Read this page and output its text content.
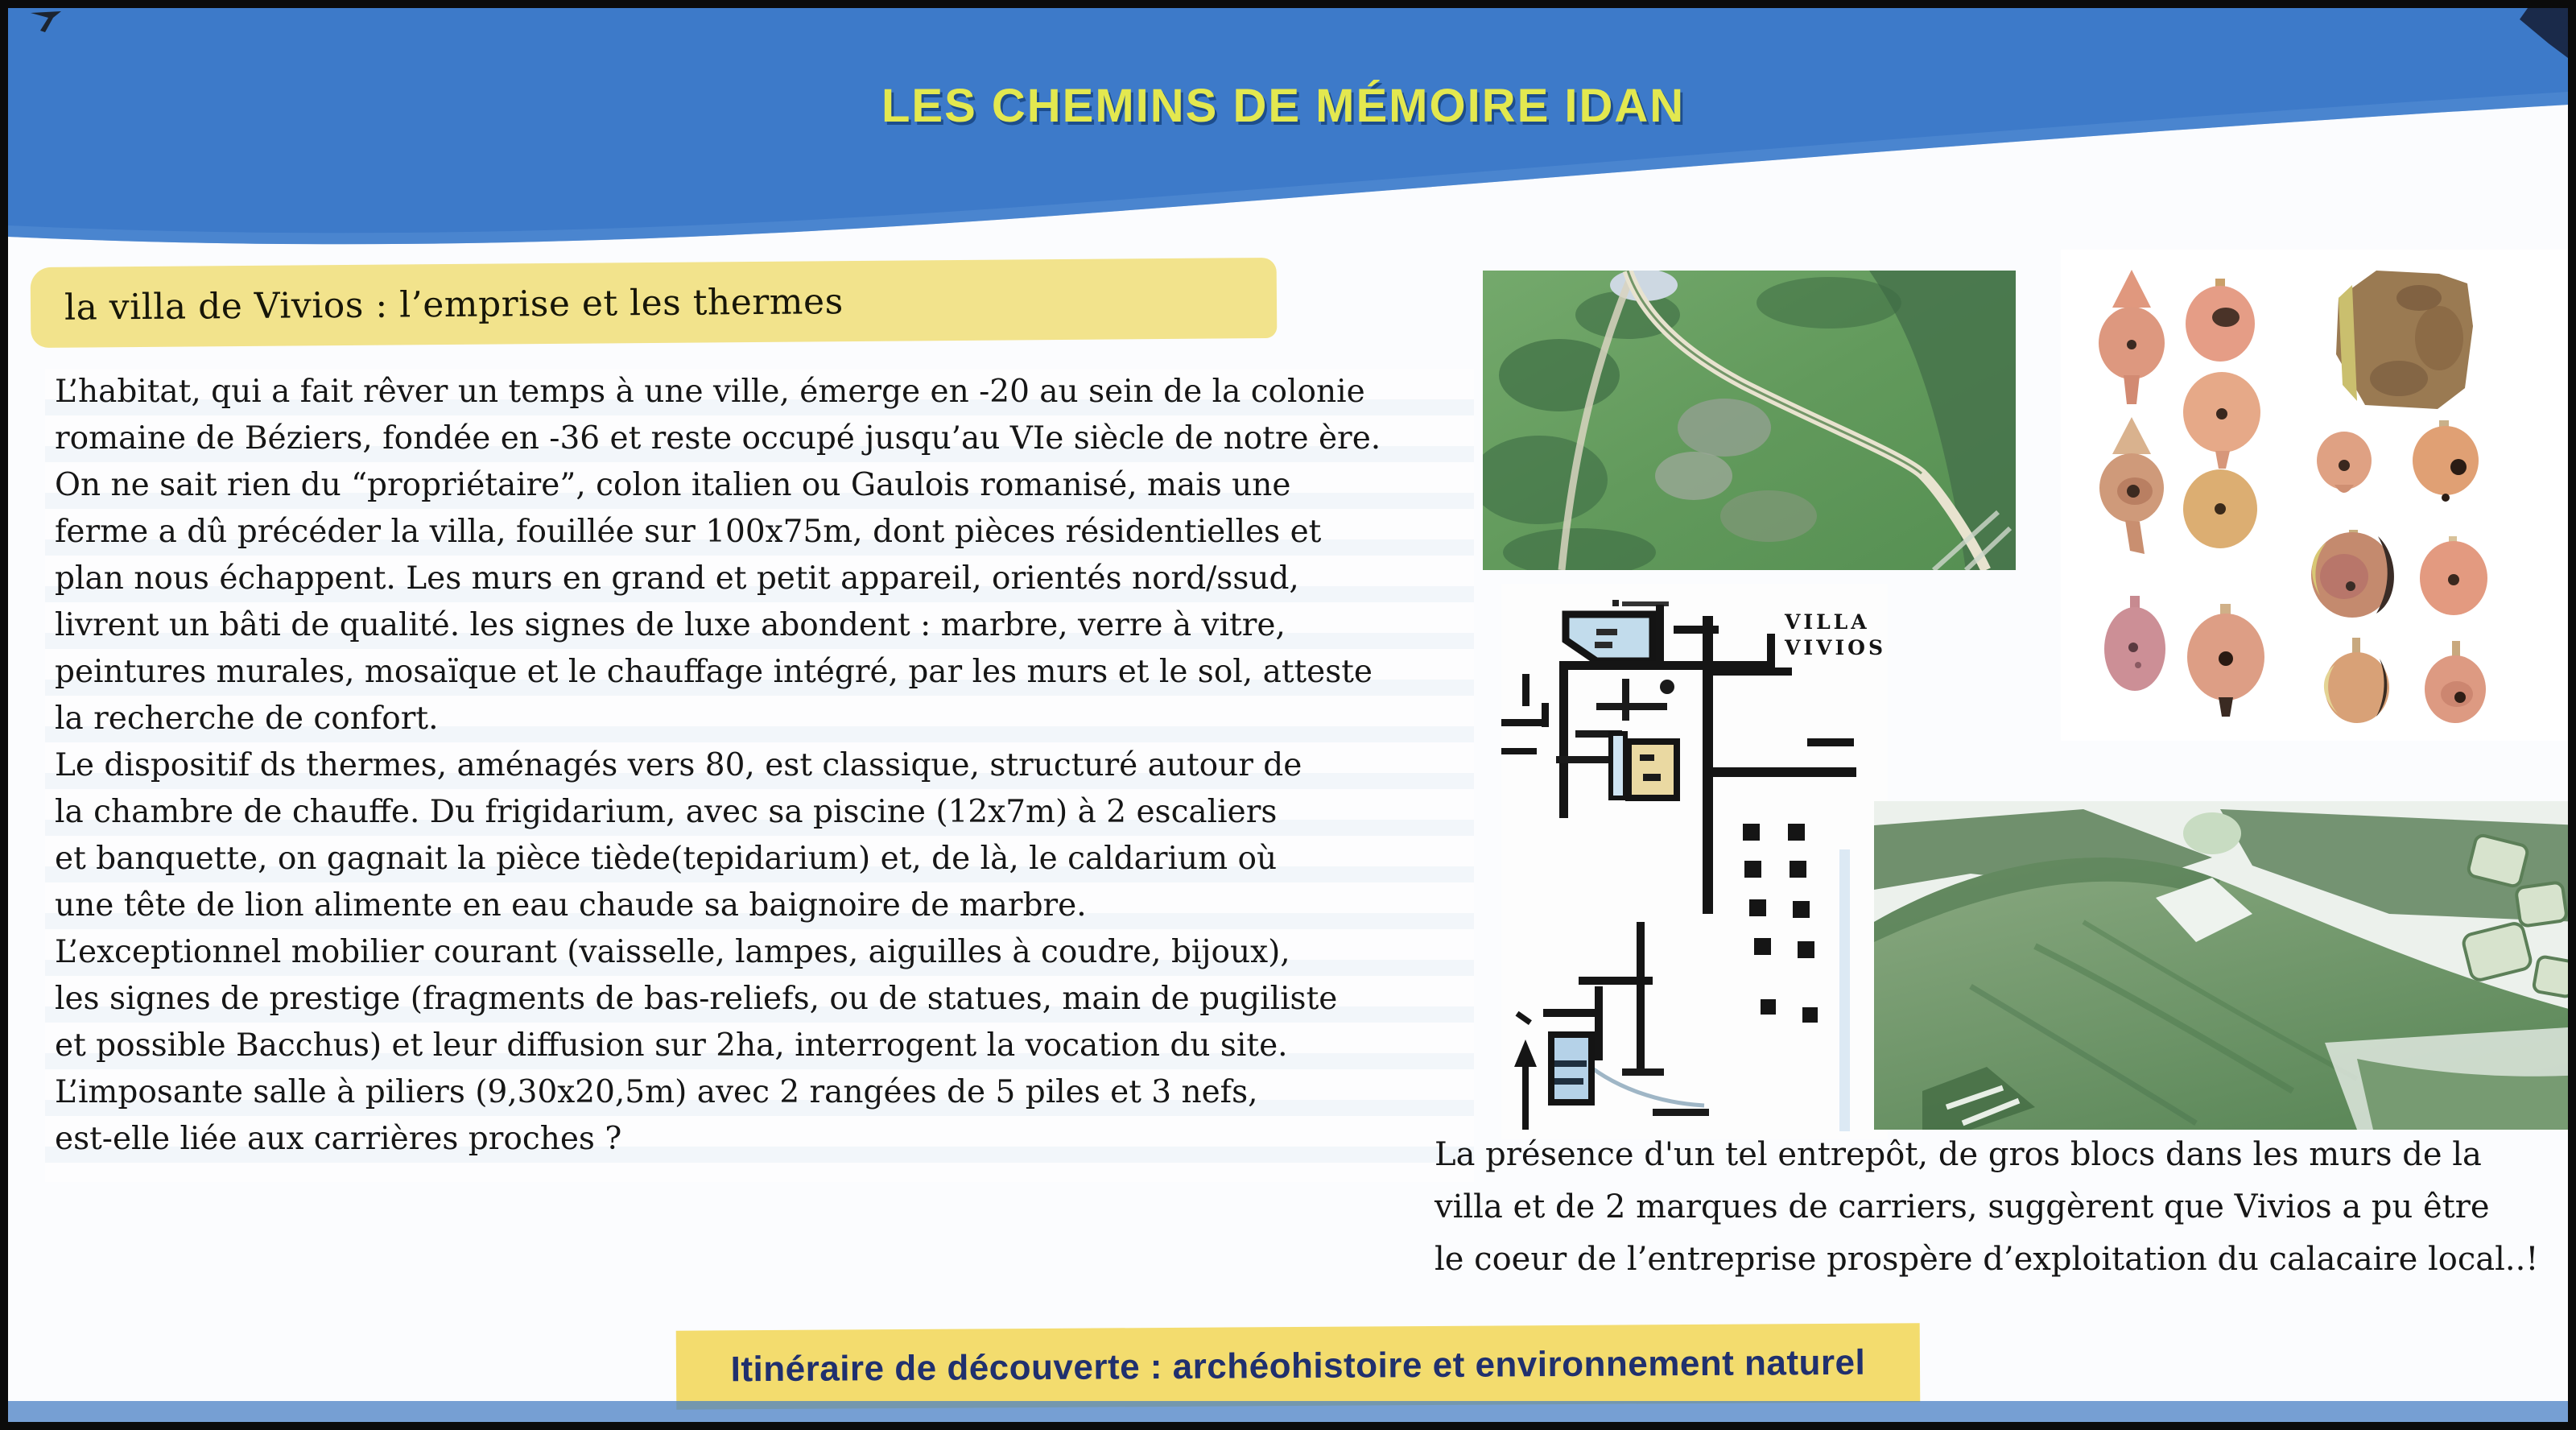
LES CHEMINS DE MÉMOIRE IDAN
la villa de Vivios : l’emprise et les thermes
L’habitat, qui a fait rêver un temps à une ville, émerge en -20 au sein de la colonie
romaine de Béziers, fondée en -36 et reste occupé jusqu’au VIe siècle de notre ère.
On ne sait rien du “propriétaire”, colon italien ou Gaulois romanisé, mais une
ferme a dû précéder la villa, fouillée sur 100x75m, dont pièces résidentielles et
plan nous échappent. Les murs en grand et petit appareil, orientés nord/ssud,
livrent un bâti de qualité. les signes de luxe abondent : marbre, verre à vitre,
peintures murales, mosaïque et le chauffage intégré, par les murs et le sol, atteste
la recherche de confort.
Le dispositif ds thermes, aménagés vers 80, est classique, structuré autour de
la chambre de chauffe. Du frigidarium, avec sa piscine (12x7m) à 2 escaliers
et banquette, on gagnait la pièce tiède(tepidarium) et, de là, le caldarium où
une tête de lion alimente en eau chaude sa baignoire de marbre.
L’exceptionnel mobilier courant (vaisselle, lampes, aiguilles à coudre, bijoux),
les signes de prestige (fragments de bas-reliefs, ou de statues, main de pugiliste
et possible Bacchus) et leur diffusion sur 2ha, interrogent la vocation du site.
L’imposante salle à piliers (9,30x20,5m) avec 2 rangées de 5 piles et 3 nefs,
est-elle liée aux carrières proches ?
VILLA
VIVIOS
La présence d'un tel entrepôt, de gros blocs dans les murs de la
villa et de 2 marques de carriers, suggèrent que Vivios a pu être
le coeur de l’entreprise prospère d’exploitation du calacaire local..!
Itinéraire de découverte : archéohistoire et environnement naturel
